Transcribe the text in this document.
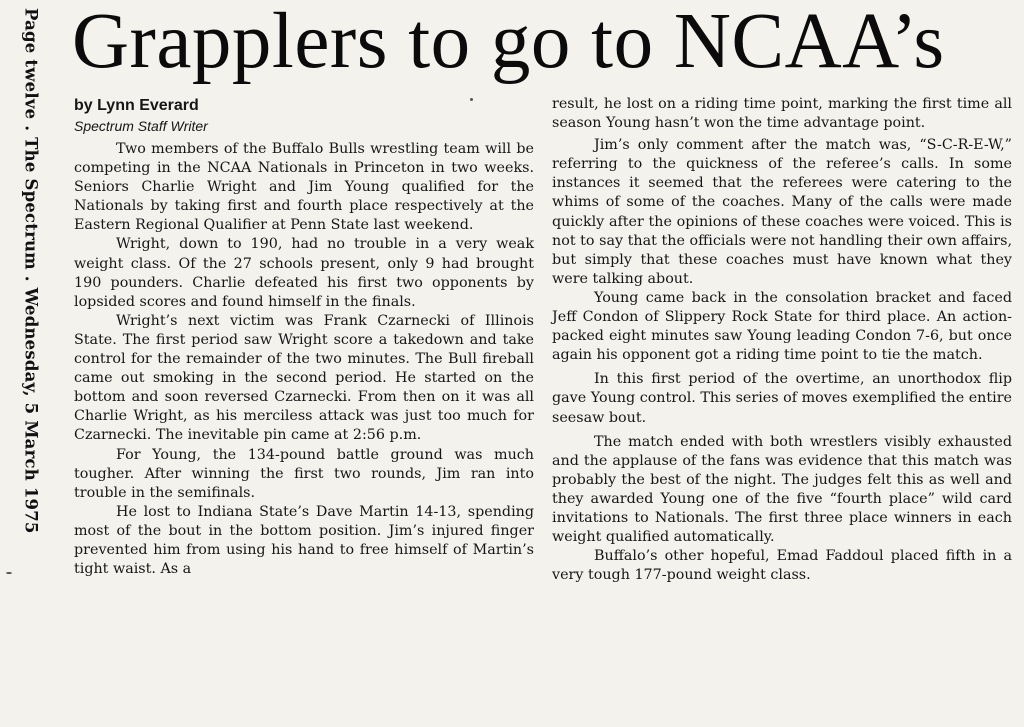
Page twelve . The Spectrum . Wednesday, 5 March 1975 Grapplers to go to NCAA’s
by Lynn Everard
Spectrum Staff Writer

Two members of the Buffalo Bulls wrestling team will be competing in the NCAA Nationals in Princeton in two weeks. Seniors Charlie Wright and Jim Young qualified for the Nationals by taking first and fourth place respectively at the Eastern Regional Qualifier at Penn State last weekend.

Wright, down to 190, had no trouble in a very weak weight class. Of the 27 schools present, only 9 had brought 190 pounders. Charlie defeated his first two opponents by lopsided scores and found himself in the finals.

Wright’s next victim was Frank Czarnecki of Illinois State. The first period saw Wright score a takedown and take control for the remainder of the two minutes. The Bull fireball came out smoking in the second period. He started on the bottom and soon reversed Czarnecki. From then on it was all Charlie Wright, as his merciless attack was just too much for Czarnecki. The inevitable pin came at 2:56 p.m.

For Young, the 134-pound battle ground was much tougher. After winning the first two rounds, Jim ran into trouble in the semifinals.

He lost to Indiana State’s Dave Martin 14-13, spending most of the bout in the bottom position. Jim’s injured finger prevented him from using his hand to free himself of Martin’s tight waist. As a

result, he lost on a riding time point, marking the first time all season Young hasn’t won the time advantage point.

Jim’s only comment after the match was, “S-C-R-E-W,” referring to the quickness of the referee’s calls. In some instances it seemed that the referees were catering to the whims of some of the coaches. Many of the calls were made quickly after the opinions of these coaches were voiced. This is not to say that the officials were not handling their own affairs, but simply that these coaches must have known what they were talking about.

Young came back in the consolation bracket and faced Jeff Condon of Slippery Rock State for third place. An action-packed eight minutes saw Young leading Condon 7-6, but once again his opponent got a riding time point to tie the match.

In this first period of the overtime, an unorthodox flip gave Young control. This series of moves exemplified the entire seesaw bout.

The match ended with both wrestlers visibly exhausted and the applause of the fans was evidence that this match was probably the best of the night. The judges felt this as well and they awarded Young one of the five “fourth place” wild card invitations to Nationals. The first three place winners in each weight qualified automatically.

Buffalo’s other hopeful, Emad Faddoul placed fifth in a very tough 177-pound weight class.
